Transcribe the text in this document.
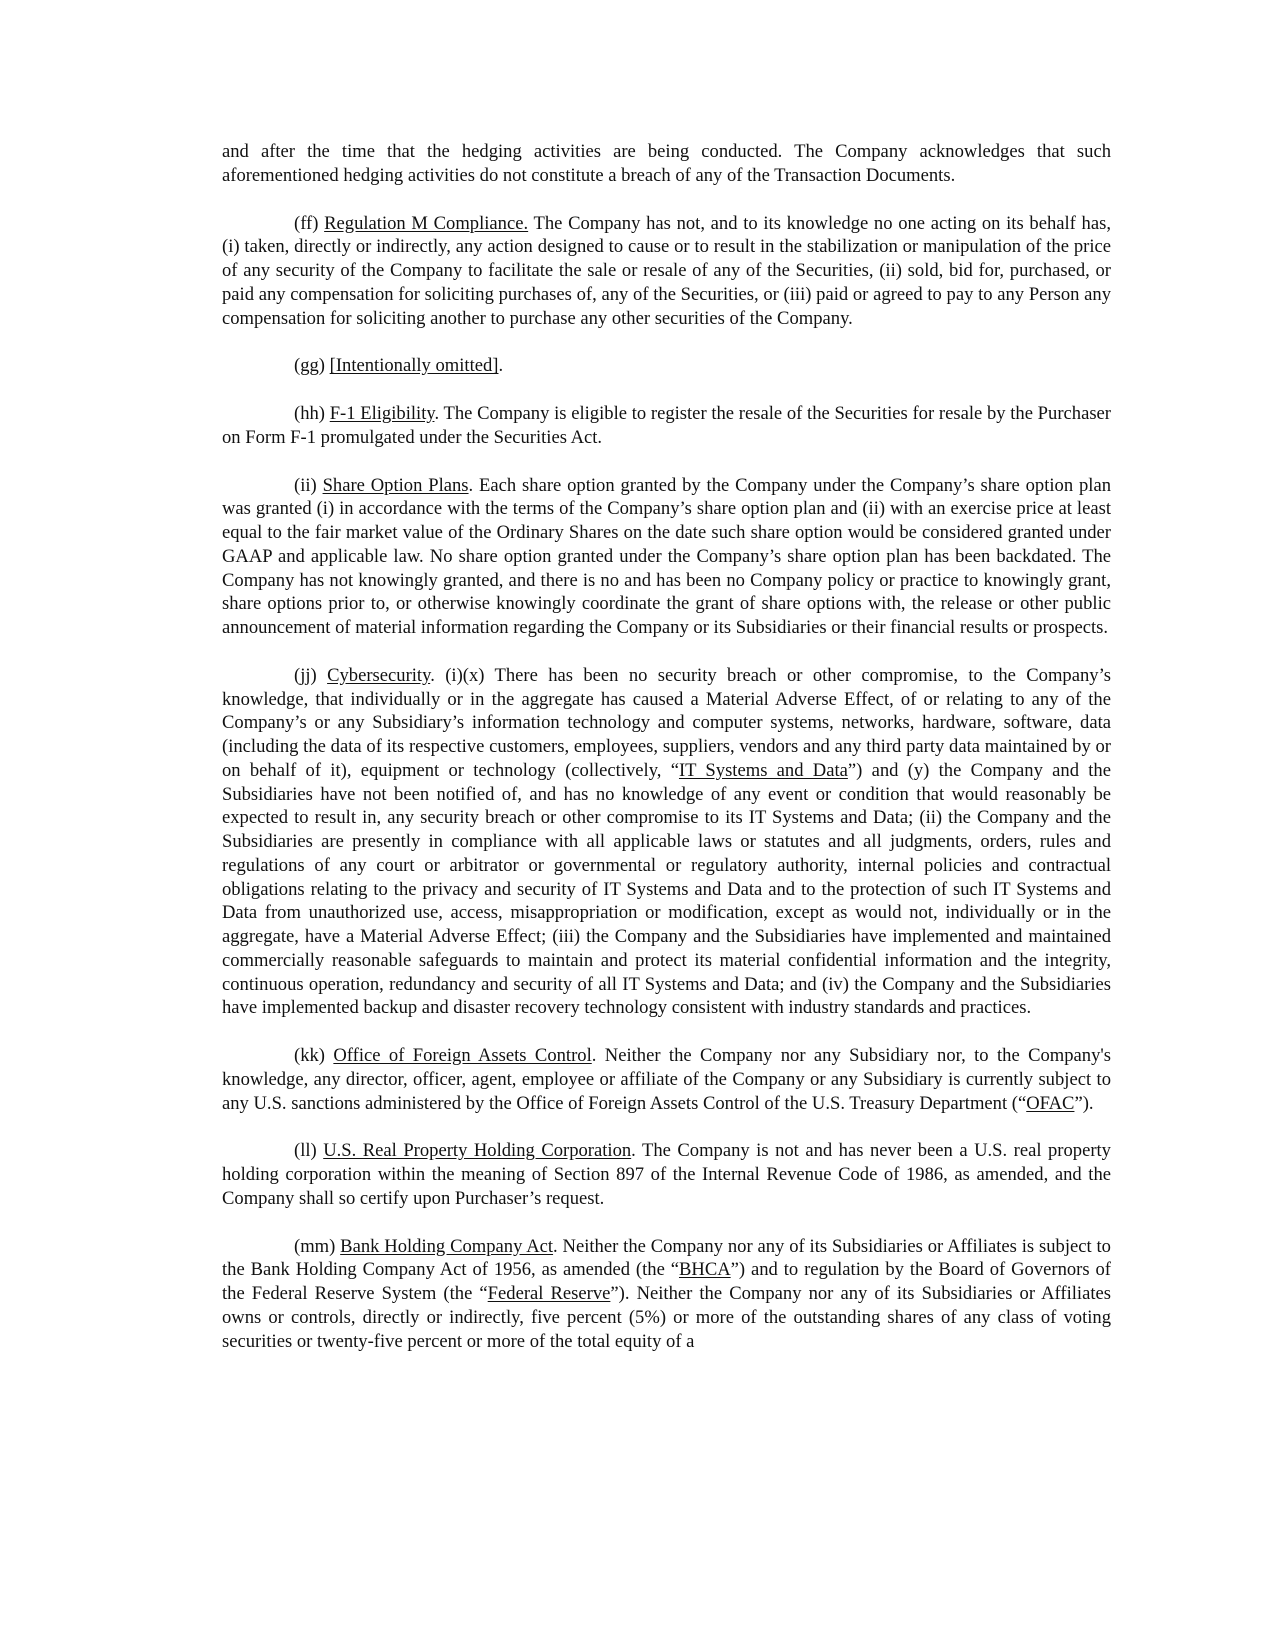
and after the time that the hedging activities are being conducted. The Company acknowledges that such aforementioned hedging activities do not constitute a breach of any of the Transaction Documents.

(ff) Regulation M Compliance. The Company has not, and to its knowledge no one acting on its behalf has, (i) taken, directly or indirectly, any action designed to cause or to result in the stabilization or manipulation of the price of any security of the Company to facilitate the sale or resale of any of the Securities, (ii) sold, bid for, purchased, or paid any compensation for soliciting purchases of, any of the Securities, or (iii) paid or agreed to pay to any Person any compensation for soliciting another to purchase any other securities of the Company.

(gg) [Intentionally omitted].

(hh) F-1 Eligibility. The Company is eligible to register the resale of the Securities for resale by the Purchaser on Form F-1 promulgated under the Securities Act.

(ii) Share Option Plans. Each share option granted by the Company under the Company’s share option plan was granted (i) in accordance with the terms of the Company’s share option plan and (ii) with an exercise price at least equal to the fair market value of the Ordinary Shares on the date such share option would be considered granted under GAAP and applicable law. No share option granted under the Company’s share option plan has been backdated. The Company has not knowingly granted, and there is no and has been no Company policy or practice to knowingly grant, share options prior to, or otherwise knowingly coordinate the grant of share options with, the release or other public announcement of material information regarding the Company or its Subsidiaries or their financial results or prospects.

(jj) Cybersecurity. (i)(x) There has been no security breach or other compromise, to the Company’s knowledge, that individually or in the aggregate has caused a Material Adverse Effect, of or relating to any of the Company’s or any Subsidiary’s information technology and computer systems, networks, hardware, software, data (including the data of its respective customers, employees, suppliers, vendors and any third party data maintained by or on behalf of it), equipment or technology (collectively, “IT Systems and Data”) and (y) the Company and the Subsidiaries have not been notified of, and has no knowledge of any event or condition that would reasonably be expected to result in, any security breach or other compromise to its IT Systems and Data; (ii) the Company and the Subsidiaries are presently in compliance with all applicable laws or statutes and all judgments, orders, rules and regulations of any court or arbitrator or governmental or regulatory authority, internal policies and contractual obligations relating to the privacy and security of IT Systems and Data and to the protection of such IT Systems and Data from unauthorized use, access, misappropriation or modification, except as would not, individually or in the aggregate, have a Material Adverse Effect; (iii) the Company and the Subsidiaries have implemented and maintained commercially reasonable safeguards to maintain and protect its material confidential information and the integrity, continuous operation, redundancy and security of all IT Systems and Data; and (iv) the Company and the Subsidiaries have implemented backup and disaster recovery technology consistent with industry standards and practices.

(kk) Office of Foreign Assets Control. Neither the Company nor any Subsidiary nor, to the Company's knowledge, any director, officer, agent, employee or affiliate of the Company or any Subsidiary is currently subject to any U.S. sanctions administered by the Office of Foreign Assets Control of the U.S. Treasury Department (“OFAC”).

(ll) U.S. Real Property Holding Corporation. The Company is not and has never been a U.S. real property holding corporation within the meaning of Section 897 of the Internal Revenue Code of 1986, as amended, and the Company shall so certify upon Purchaser’s request.

(mm) Bank Holding Company Act. Neither the Company nor any of its Subsidiaries or Affiliates is subject to the Bank Holding Company Act of 1956, as amended (the “BHCA”) and to regulation by the Board of Governors of the Federal Reserve System (the “Federal Reserve”). Neither the Company nor any of its Subsidiaries or Affiliates owns or controls, directly or indirectly, five percent (5%) or more of the outstanding shares of any class of voting securities or twenty-five percent or more of the total equity of a
